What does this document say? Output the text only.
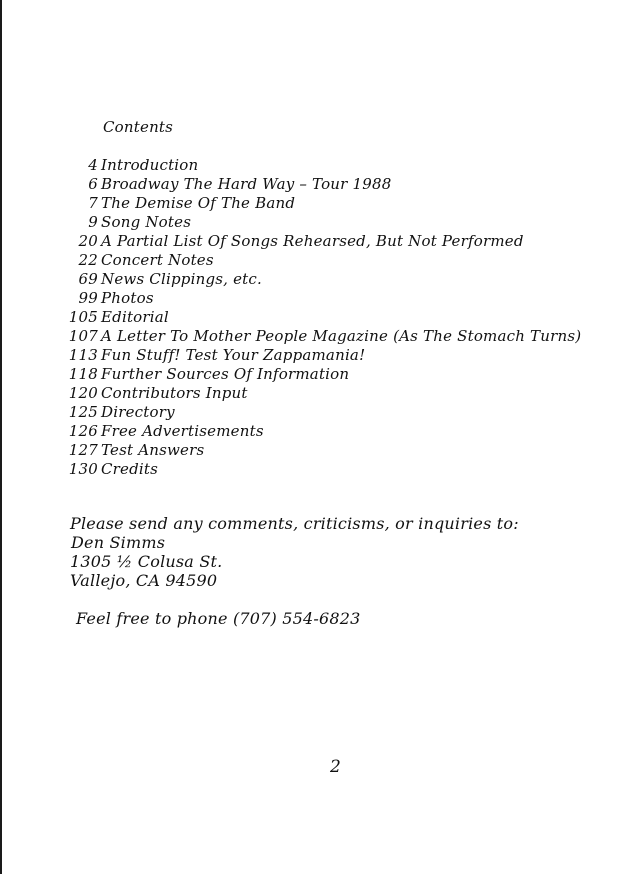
Contents
4 Introduction
6 Broadway The Hard Way – Tour 1988
7 The Demise Of The Band
9 Song Notes
20 A Partial List Of Songs Rehearsed, But Not Performed
22 Concert Notes
69 News Clippings, etc.
99 Photos
105 Editorial
107 A Letter To Mother People Magazine (As The Stomach Turns)
113 Fun Stuff! Test Your Zappamania!
118 Further Sources Of Information
120 Contributors Input
125 Directory
126 Free Advertisements
127 Test Answers
130 Credits
Please send any comments, criticisms, or inquiries to:
Den Simms
1305 ½ Colusa St.
Vallejo, CA 94590
Feel free to phone (707) 554-6823
2
